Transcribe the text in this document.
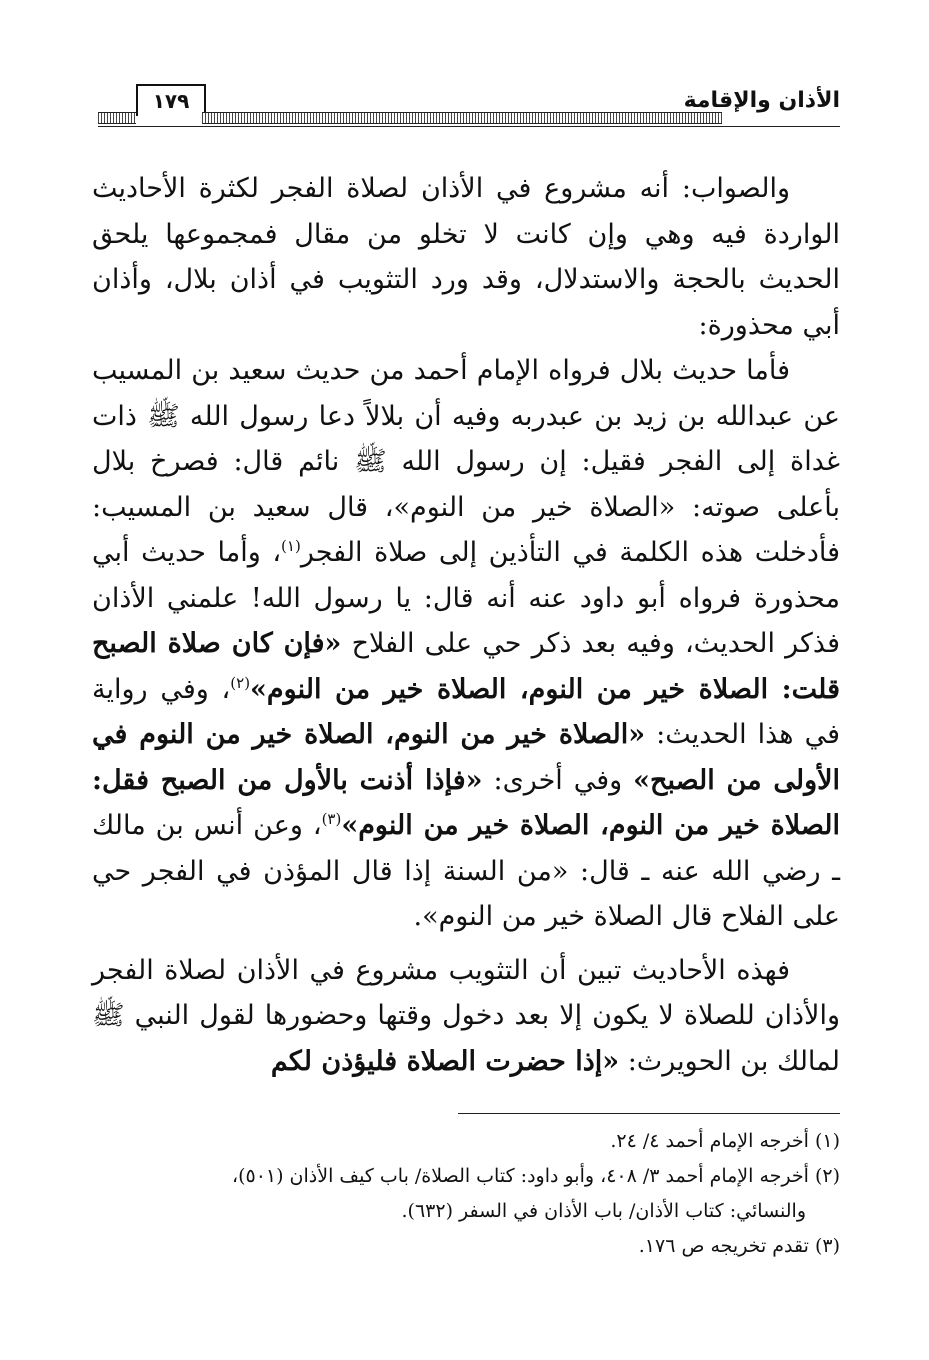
١٧٩	الأذان والإقامة

والصواب: أنه مشروع في الأذان لصلاة الفجر لكثرة الأحاديث الواردة فيه وهي وإن كانت لا تخلو من مقال فمجموعها يلحق الحديث بالحجة والاستدلال، وقد ورد التثويب في أذان بلال، وأذان أبي محذورة:

فأما حديث بلال فرواه الإمام أحمد من حديث سعيد بن المسيب عن عبدالله بن زيد بن عبدربه وفيه أن بلالاً دعا رسول الله ﷺ ذات غداة إلى الفجر فقيل: إن رسول الله ﷺ نائم قال: فصرخ بلال بأعلى صوته: «الصلاة خير من النوم»، قال سعيد بن المسيب: فأدخلت هذه الكلمة في التأذين إلى صلاة الفجر$^{(١)}$، وأما حديث أبي محذورة فرواه أبو داود عنه أنه قال: يا رسول الله! علمني الأذان فذكر الحديث، وفيه بعد ذكر حي على الفلاح «فإن كان صلاة الصبح قلت: الصلاة خير من النوم، الصلاة خير من النوم»$^{(٢)}$، وفي رواية في هذا الحديث: «الصلاة خير من النوم، الصلاة خير من النوم في الأولى من الصبح» وفي أخرى: «فإذا أذنت بالأول من الصبح فقل: الصلاة خير من النوم، الصلاة خير من النوم»$^{(٣)}$، وعن أنس بن مالك ـ رضي الله عنه ـ قال: «من السنة إذا قال المؤذن في الفجر حي على الفلاح قال الصلاة خير من النوم».

فهذه الأحاديث تبين أن التثويب مشروع في الأذان لصلاة الفجر والأذان للصلاة لا يكون إلا بعد دخول وقتها وحضورها لقول النبي ﷺ لمالك بن الحويرث: «إذا حضرت الصلاة فليؤذن لكم

(١) أخرجه الإمام أحمد ٤/ ٢٤.

(٢) أخرجه الإمام أحمد ٣/ ٤٠٨، وأبو داود: كتاب الصلاة/ باب كيف الأذان (٥٠١)،

والنسائي: كتاب الأذان/ باب الأذان في السفر (٦٣٢).

(٣) تقدم تخريجه ص ١٧٦.
